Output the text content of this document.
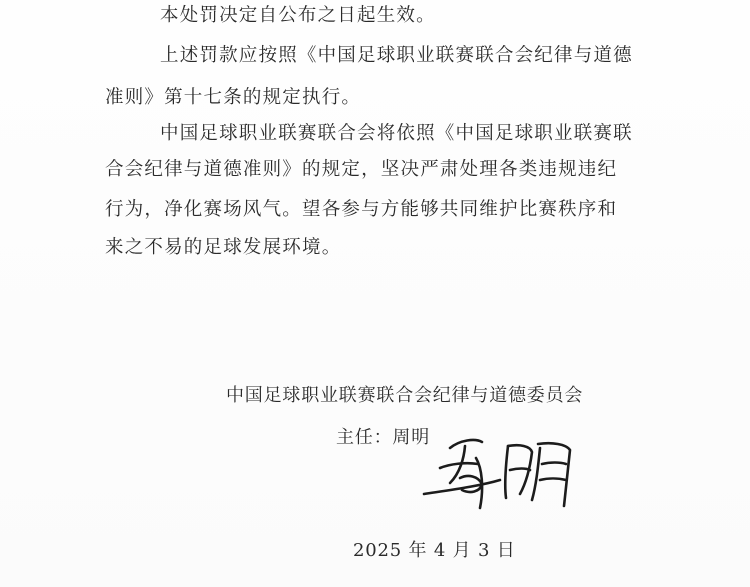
本处罚决定自公布之日起生效。
上述罚款应按照《中国足球职业联赛联合会纪律与道德
准则》第十七条的规定执行。
中国足球职业联赛联合会将依照《中国足球职业联赛联
合会纪律与道德准则》的规定，坚决严肃处理各类违规违纪
行为，净化赛场风气。望各参与方能够共同维护比赛秩序和
来之不易的足球发展环境。
中国足球职业联赛联合会纪律与道德委员会
主任：周明
2025 年 4 月 3 日
